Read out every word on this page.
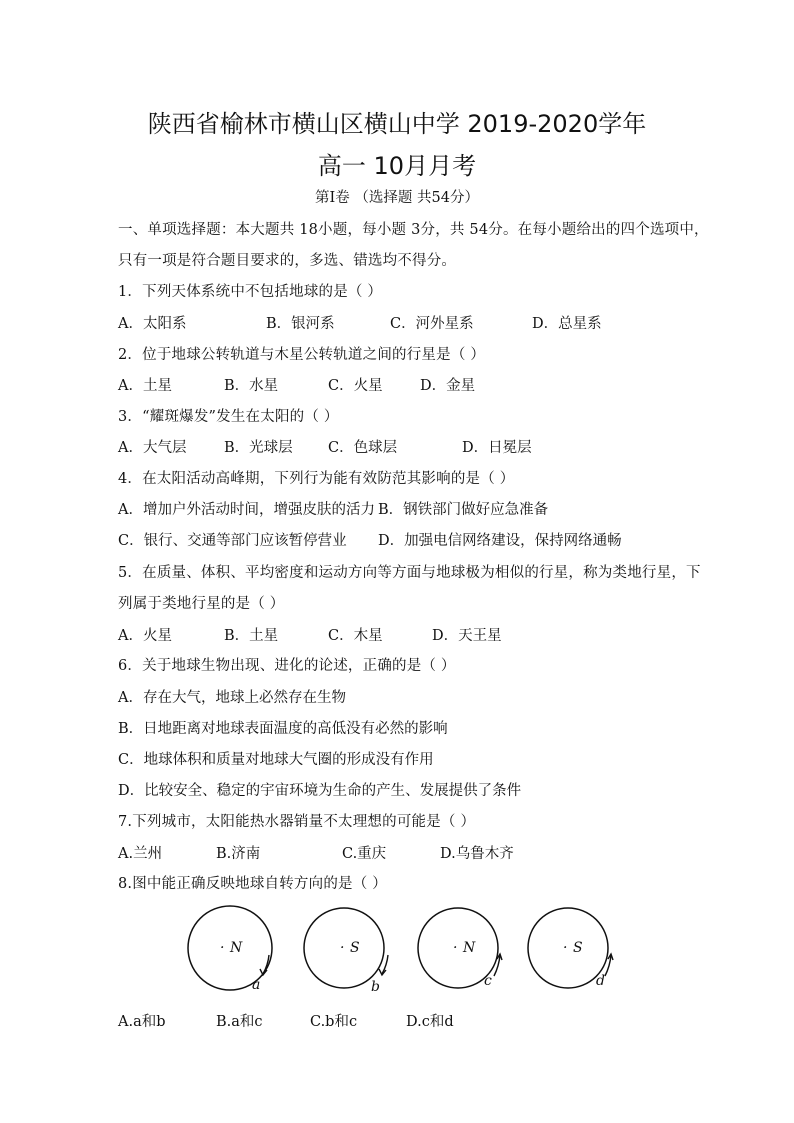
陕西省榆林市横山区横山中学 2019-2020学年
高一 10月月考
第Ⅰ卷 （选择题 共54分）
一、单项选择题：本大题共 18小题，每小题 3分，共 54分。在每小题给出的四个选项中，
只有一项是符合题目要求的，多选、错选均不得分。
1．下列天体系统中不包括地球的是（ ）
A．太阳系	B．银河系	C．河外星系	D．总星系
2．位于地球公转轨道与木星公转轨道之间的行星是（ ）
A．土星	B．水星	C．火星	D．金星
3．“耀斑爆发”发生在太阳的（ ）
A．大气层	B．光球层 C．色球层	D．日冕层
4．在太阳活动高峰期，下列行为能有效防范其影响的是（ ）
A．增加户外活动时间，增强皮肤的活力 B．钢铁部门做好应急准备
C．银行、交通等部门应该暂停营业 D．加强电信网络建设，保持网络通畅
5．在质量、体积、平均密度和运动方向等方面与地球极为相似的行星，称为类地行星，下
列属于类地行星的是（ ）
A．火星	B．土星	C．木星	D．天王星
6．关于地球生物出现、进化的论述，正确的是（ ）
A．存在大气，地球上必然存在生物
B．日地距离对地球表面温度的高低没有必然的影响
C．地球体积和质量对地球大气圈的形成没有作用
D．比较安全、稳定的宇宙环境为生命的产生、发展提供了条件
7.下列城市，太阳能热水器销量不太理想的可能是（ ）
A.兰州	B.济南	C.重庆	D.乌鲁木齐
8.图中能正确反映地球自转方向的是（ ）
· N	· S	· N	· S
a	b	c	d
A.a和b	B.a和c	C.b和c	D.c和d
